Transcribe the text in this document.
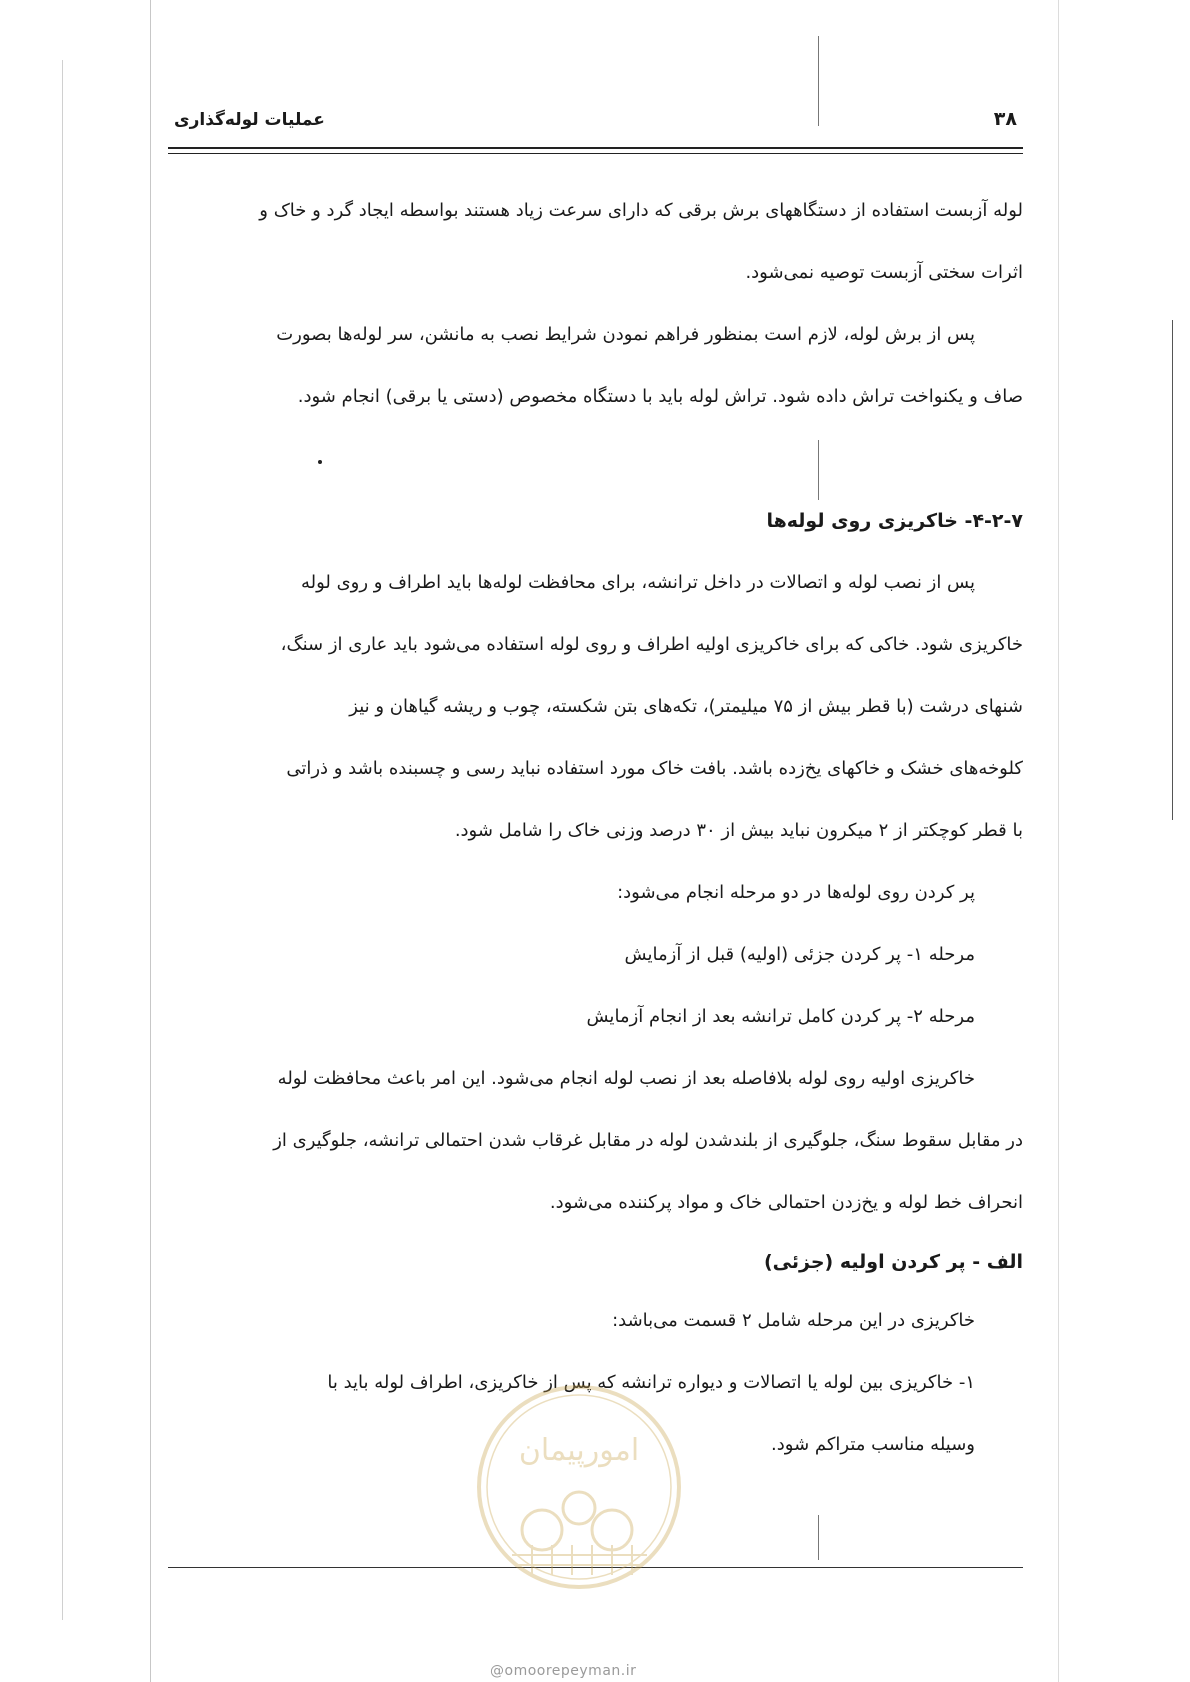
عملیات لوله‌گذاری	۳۸
لوله آزبست استفاده از دستگاههای برش برقی که دارای سرعت زیاد هستند بواسطه ایجاد گرد و خاک و
اثرات سختی آزبست توصیه نمی‌شود.
پس از برش لوله، لازم است بمنظور فراهم نمودن شرایط نصب به مانشن، سر لوله‌ها بصورت
صاف و یکنواخت تراش داده شود. تراش لوله باید با دستگاه مخصوص (دستی یا برقی) انجام شود.
۴-۲-۷- خاکریزی روی لوله‌ها
پس از نصب لوله و اتصالات در داخل ترانشه، برای محافظت لوله‌ها باید اطراف و روی لوله
خاکریزی شود. خاکی که برای خاکریزی اولیه اطراف و روی لوله استفاده می‌شود باید عاری از سنگ،
شنهای درشت (با قطر بیش از ۷۵ میلیمتر)، تکه‌های بتن شکسته، چوب و ریشه گیاهان و نیز
کلوخه‌های خشک و خاکهای یخ‌زده باشد. بافت خاک مورد استفاده نباید رسی و چسبنده باشد و ذراتی
با قطر کوچکتر از ۲ میکرون نباید بیش از ۳۰ درصد وزنی خاک را شامل شود.
پر کردن روی لوله‌ها در دو مرحله انجام می‌شود:
مرحله ۱- پر کردن جزئی (اولیه) قبل از آزمایش
مرحله ۲- پر کردن کامل ترانشه بعد از انجام آزمایش
خاکریزی اولیه روی لوله بلافاصله بعد از نصب لوله انجام می‌شود. این امر باعث محافظت لوله
در مقابل سقوط سنگ، جلوگیری از بلندشدن لوله در مقابل غرقاب شدن احتمالی ترانشه، جلوگیری از
انحراف خط لوله و یخ‌زدن احتمالی خاک و مواد پرکننده می‌شود.
الف - پر کردن اولیه (جزئی)
خاکریزی در این مرحله شامل ۲ قسمت می‌باشد:
۱- خاکریزی بین لوله یا اتصالات و دیواره ترانشه که پس از خاکریزی، اطراف لوله باید با
وسیله مناسب متراکم شود.
امورپیمان
@omoorepeyman.ir
